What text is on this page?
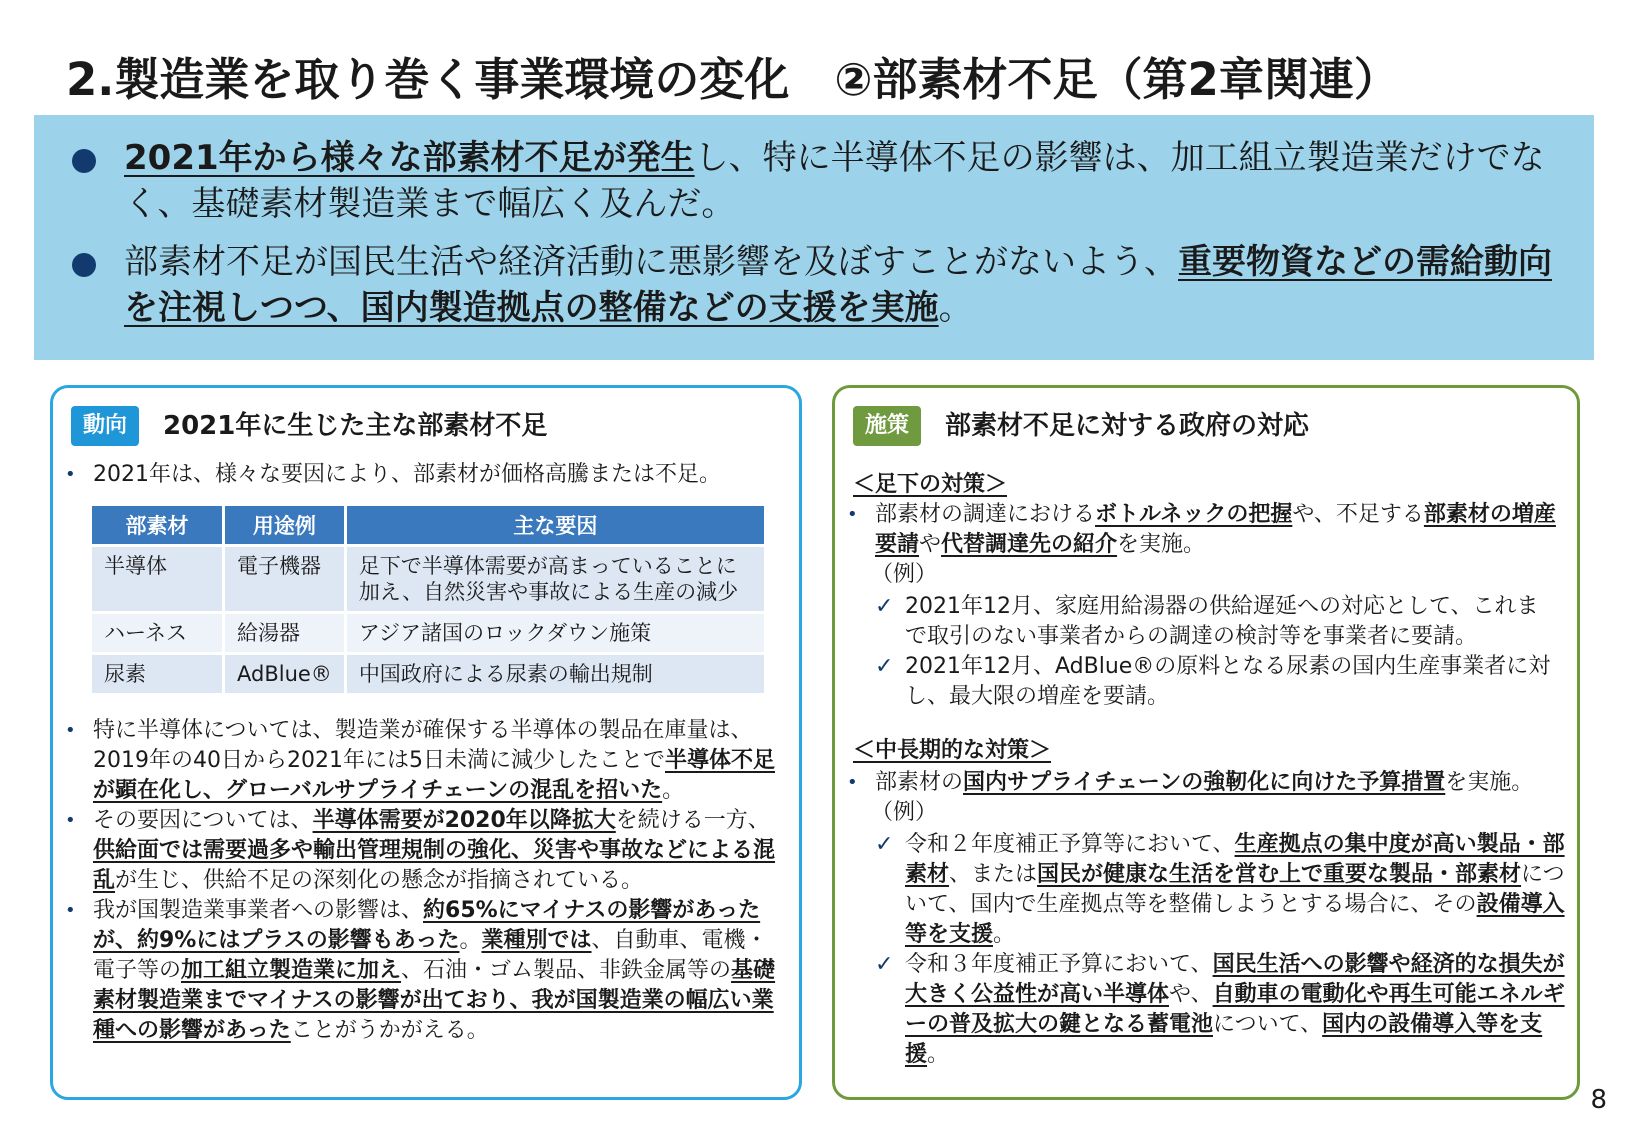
2.製造業を取り巻く事業環境の変化　②部素材不足（第2章関連）
2021年から様々な部素材不足が発生し、特に半導体不足の影響は、加工組立製造業だけでなく、基礎素材製造業まで幅広く及んだ。
部素材不足が国民生活や経済活動に悪影響を及ぼすことがないよう、重要物資などの需給動向を注視しつつ、国内製造拠点の整備などの支援を実施。
動向	2021年に生じた主な部素材不足
• 2021年は、様々な要因により、部素材が価格高騰または不足。
部素材	用途例	主な要因
半導体	電子機器	足下で半導体需要が高まっていることに加え、自然災害や事故による生産の減少
ハーネス	給湯器	アジア諸国のロックダウン施策
尿素	AdBlue®	中国政府による尿素の輸出規制
• 特に半導体については、製造業が確保する半導体の製品在庫量は、2019年の40日から2021年には5日未満に減少したことで半導体不足が顕在化し、グローバルサプライチェーンの混乱を招いた。
• その要因については、半導体需要が2020年以降拡大を続ける一方、供給面では需要過多や輸出管理規制の強化、災害や事故などによる混乱が生じ、供給不足の深刻化の懸念が指摘されている。
• 我が国製造業事業者への影響は、約65%にマイナスの影響があったが、約9%にはプラスの影響もあった。業種別では、自動車、電機・電子等の加工組立製造業に加え、石油・ゴム製品、非鉄金属等の基礎素材製造業までマイナスの影響が出ており、我が国製造業の幅広い業種への影響があったことがうかがえる。
施策	部素材不足に対する政府の対応
＜足下の対策＞
• 部素材の調達におけるボトルネックの把握や、不足する部素材の増産要請や代替調達先の紹介を実施。
（例）
✓ 2021年12月、家庭用給湯器の供給遅延への対応として、これまで取引のない事業者からの調達の検討等を事業者に要請。
✓ 2021年12月、AdBlue®の原料となる尿素の国内生産事業者に対し、最大限の増産を要請。
＜中長期的な対策＞
• 部素材の国内サプライチェーンの強靭化に向けた予算措置を実施。
（例）
✓ 令和２年度補正予算等において、生産拠点の集中度が高い製品・部素材、または国民が健康な生活を営む上で重要な製品・部素材について、国内で生産拠点等を整備しようとする場合に、その設備導入等を支援。
✓ 令和３年度補正予算において、国民生活への影響や経済的な損失が大きく公益性が高い半導体や、自動車の電動化や再生可能エネルギーの普及拡大の鍵となる蓄電池について、国内の設備導入等を支援。
8
